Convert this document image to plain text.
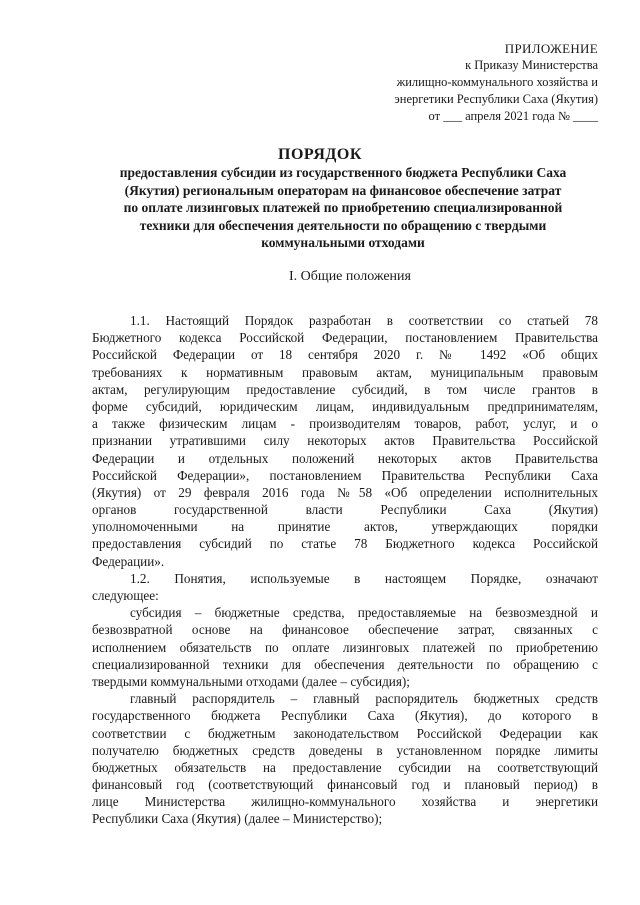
ПРИЛОЖЕНИЕ
к Приказу Министерства
жилищно-коммунального хозяйства и
энергетики Республики Саха (Якутия)
от ___ апреля 2021 года № ____
ПОРЯДОК
предоставления субсидии из государственного бюджета Республики Саха
(Якутия) региональным операторам на финансовое обеспечение затрат
по оплате лизинговых платежей по приобретению специализированной
техники для обеспечения деятельности по обращению с твердыми
коммунальными отходами
I. Общие положения
1.1. Настоящий Порядок разработан в соответствии со статьей 78
Бюджетного кодекса Российской Федерации, постановлением Правительства
Российской Федерации от 18 сентября 2020 г. № 1492 «Об общих
требованиях к нормативным правовым актам, муниципальным правовым
актам, регулирующим предоставление субсидий, в том числе грантов в
форме субсидий, юридическим лицам, индивидуальным предпринимателям,
а также физическим лицам - производителям товаров, работ, услуг, и о
признании утратившими силу некоторых актов Правительства Российской
Федерации и отдельных положений некоторых актов Правительства
Российской Федерации», постановлением Правительства Республики Саха
(Якутия) от 29 февраля 2016 года №58 «Об определении исполнительных
органов государственной власти Республики Саха (Якутия)
уполномоченными на принятие актов, утверждающих порядки
предоставления субсидий по статье 78 Бюджетного кодекса Российской
Федерации».
1.2. Понятия, используемые в настоящем Порядке, означают
следующее:
субсидия – бюджетные средства, предоставляемые на безвозмездной и
безвозвратной основе на финансовое обеспечение затрат, связанных с
исполнением обязательств по оплате лизинговых платежей по приобретению
специализированной техники для обеспечения деятельности по обращению с
твердыми коммунальными отходами (далее – субсидия);
главный распорядитель – главный распорядитель бюджетных средств
государственного бюджета Республики Саха (Якутия), до которого в
соответствии с бюджетным законодательством Российской Федерации как
получателю бюджетных средств доведены в установленном порядке лимиты
бюджетных обязательств на предоставление субсидии на соответствующий
финансовый год (соответствующий финансовый год и плановый период) в
лице Министерства жилищно-коммунального хозяйства и энергетики
Республики Саха (Якутия) (далее – Министерство);
